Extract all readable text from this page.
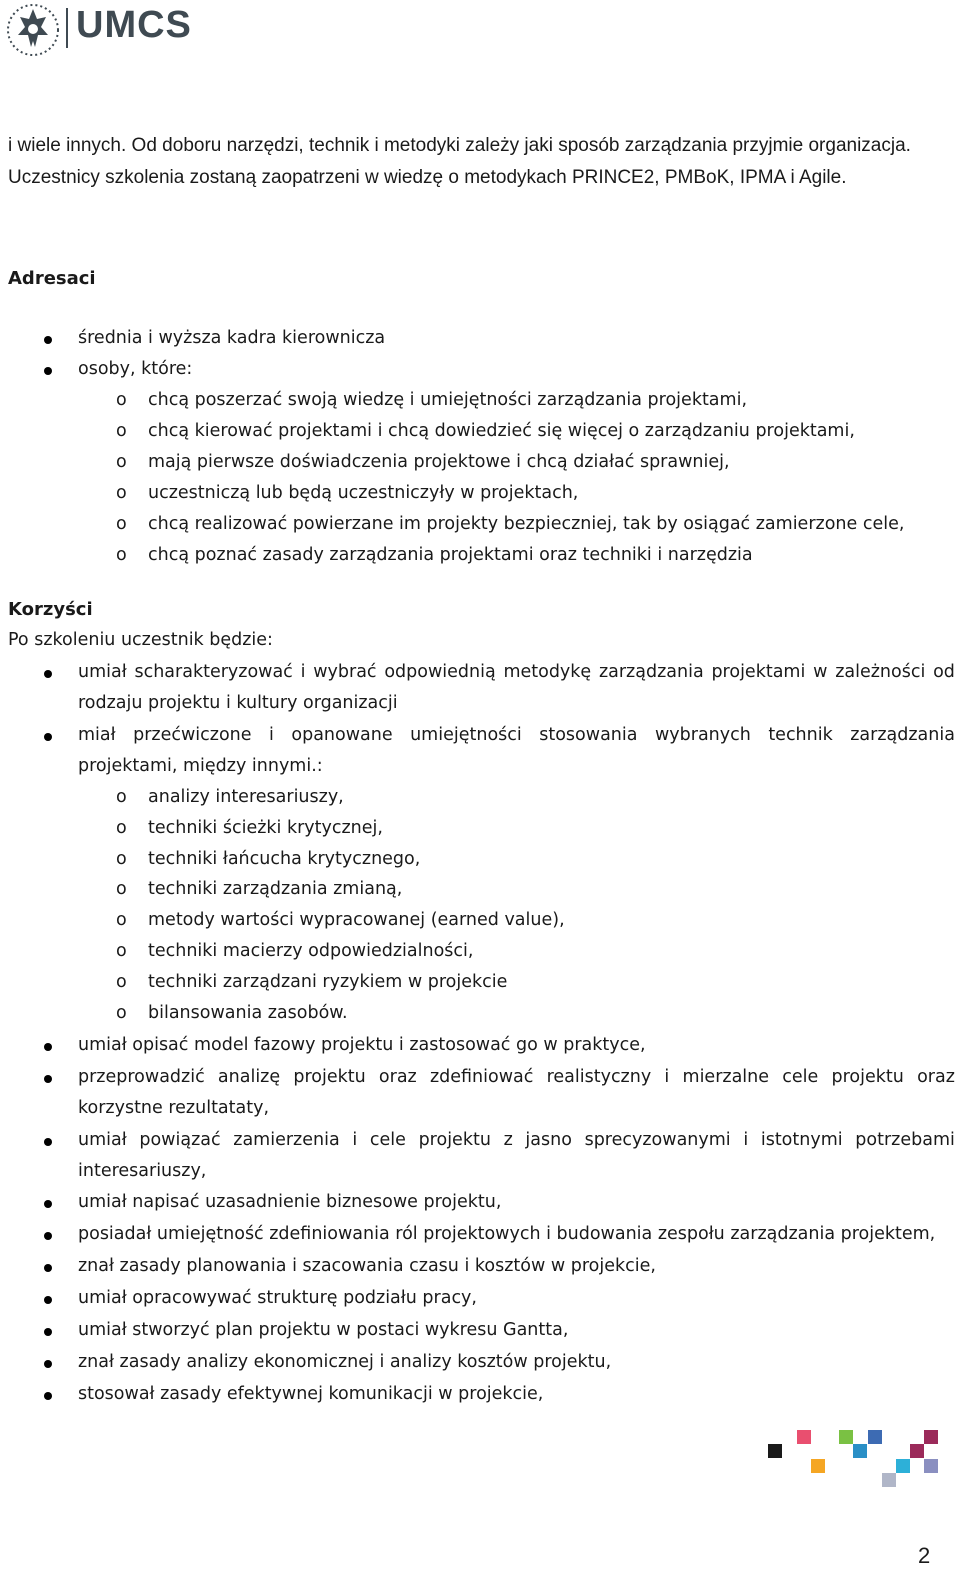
UMCS
i wiele innych. Od doboru narzędzi, technik i metodyki zależy jaki sposób zarządzania przyjmie organizacja.
Uczestnicy szkolenia zostaną zaopatrzeni w wiedzę o metodykach PRINCE2, PMBoK, IPMA i Agile.
Adresaci
średnia i wyższa kadra kierownicza
osoby, które:
o chcą poszerzać swoją wiedzę i umiejętności zarządzania projektami,
o chcą kierować projektami i chcą dowiedzieć się więcej o zarządzaniu projektami,
o mają pierwsze doświadczenia projektowe i chcą działać sprawniej,
o uczestniczą lub będą uczestniczyły w projektach,
o chcą realizować powierzane im projekty bezpieczniej, tak by osiągać zamierzone cele,
o chcą poznać zasady zarządzania projektami oraz techniki i narzędzia
Korzyści
Po szkoleniu uczestnik będzie:
umiał scharakteryzować i wybrać odpowiednią metodykę zarządzania projektami w zależności od
rodzaju projektu i kultury organizacji
miał przećwiczone i opanowane umiejętności stosowania wybranych technik zarządzania
projektami, między innymi.:
o analizy interesariuszy,
o techniki ścieżki krytycznej,
o techniki łańcucha krytycznego,
o techniki zarządzania zmianą,
o metody wartości wypracowanej (earned value),
o techniki macierzy odpowiedzialności,
o techniki zarządzani ryzykiem w projekcie
o bilansowania zasobów.
umiał opisać model fazowy projektu i zastosować go w praktyce,
przeprowadzić analizę projektu oraz zdefiniować realistyczny i mierzalne cele projektu oraz
korzystne rezultatаty,
umiał powiązać zamierzenia i cele projektu z jasno sprecyzowanymi i istotnymi potrzebami
interesariuszy,
umiał napisać uzasadnienie biznesowe projektu,
posiadał umiejętność zdefiniowania ról projektowych i budowania zespołu zarządzania projektem,
znał zasady planowania i szacowania czasu i kosztów w projekcie,
umiał opracowywać strukturę podziału pracy,
umiał stworzyć plan projektu w postaci wykresu Gantta,
znał zasady analizy ekonomicznej i analizy kosztów projektu,
stosował zasady efektywnej komunikacji w projekcie,
2
